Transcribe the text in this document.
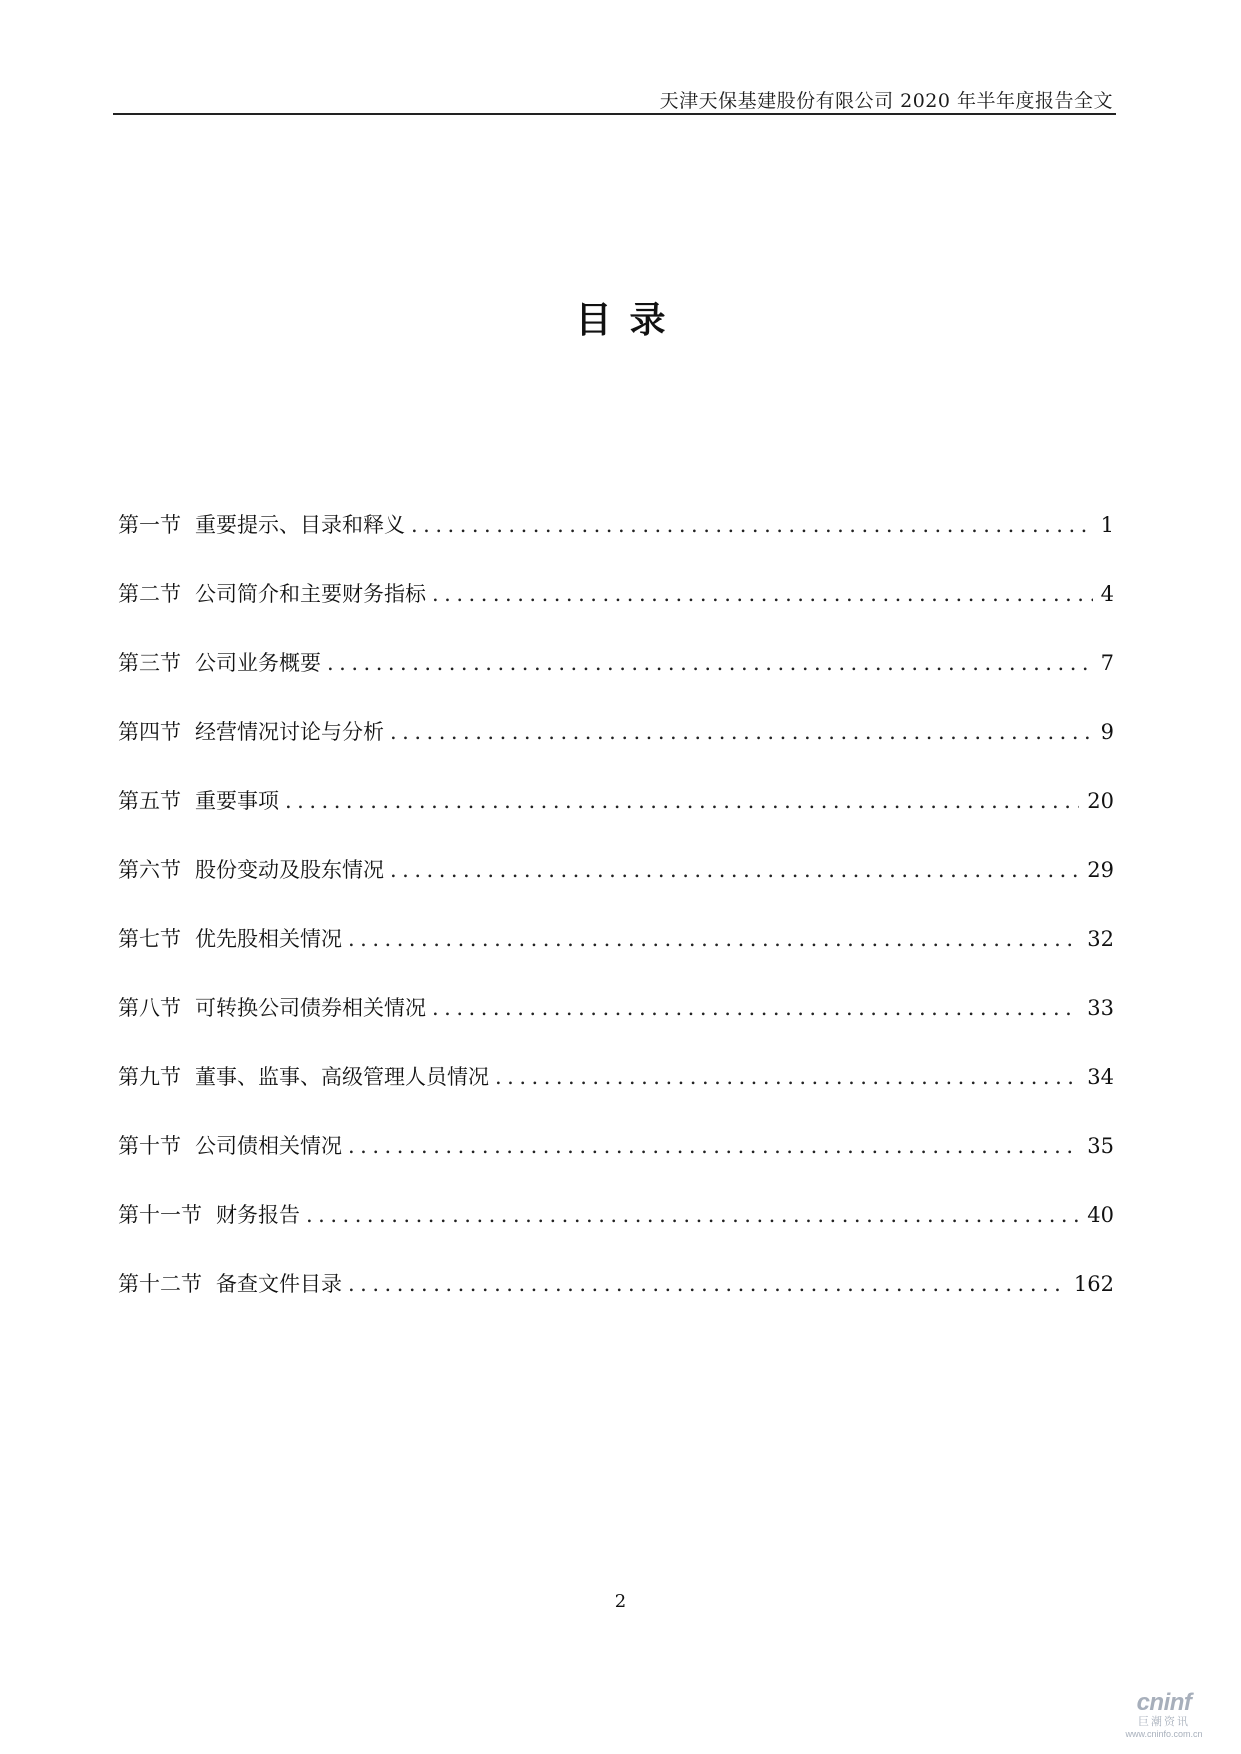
天津天保基建股份有限公司 2020 年半年度报告全文
目录
第一节 重要提示、目录和释义 .....	1
第二节 公司简介和主要财务指标 .....	4
第三节 公司业务概要 .....	7
第四节 经营情况讨论与分析 .....	9
第五节 重要事项 .....	20
第六节 股份变动及股东情况 .....	29
第七节 优先股相关情况 .....	32
第八节 可转换公司债券相关情况 .....	33
第九节 董事、监事、高级管理人员情况 .....	34
第十节 公司债相关情况 .....	35
第十一节 财务报告 .....	40
第十二节 备查文件目录 .....	162
2
cninf
巨潮资讯
www.cninfo.com.cn
